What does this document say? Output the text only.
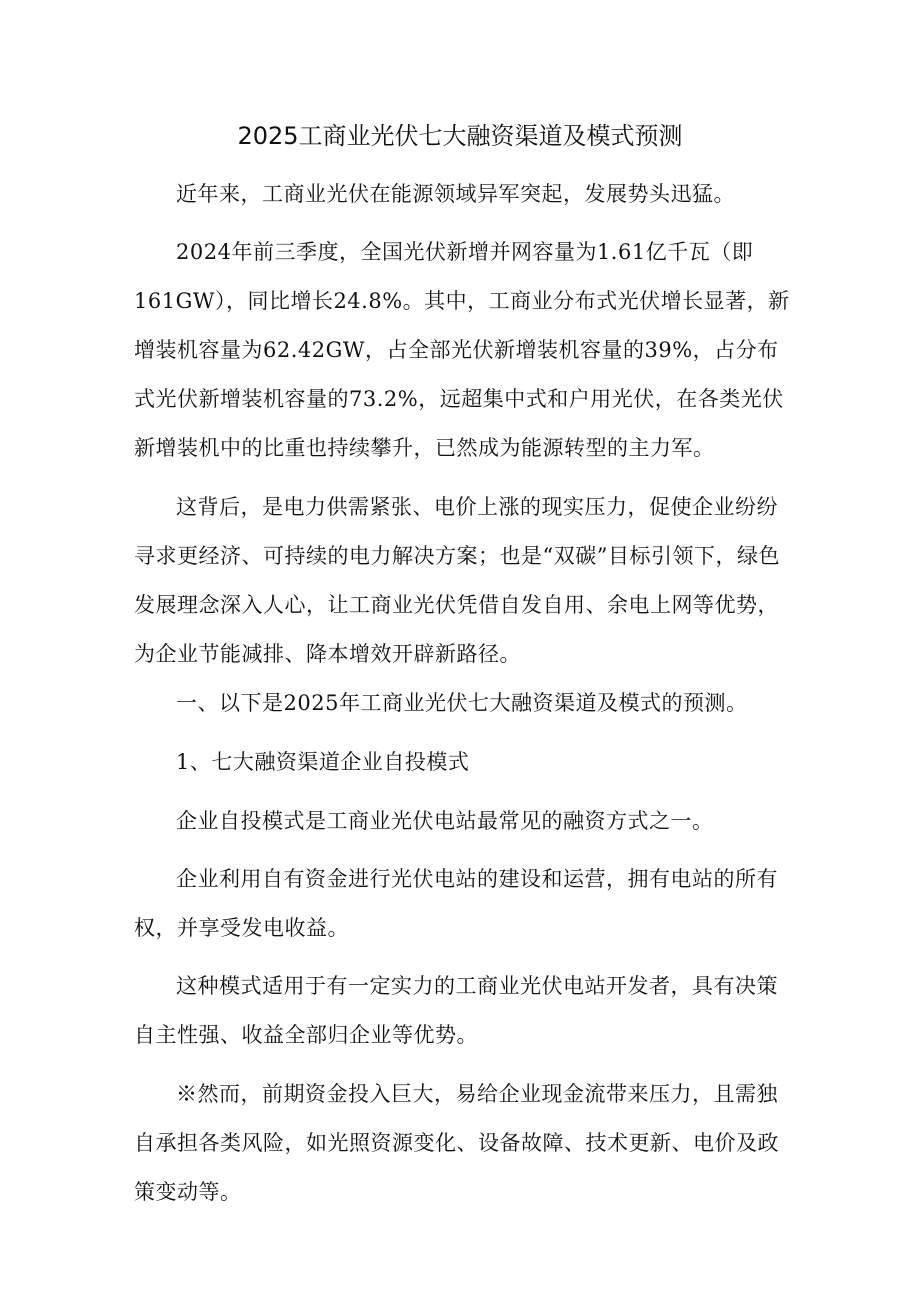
2025工商业光伏七大融资渠道及模式预测

近年来，工商业光伏在能源领域异军突起，发展势头迅猛。

2024年前三季度，全国光伏新增并网容量为1.61亿千瓦（即161GW），同比增长24.8%。其中，工商业分布式光伏增长显著，新增装机容量为62.42GW，占全部光伏新增装机容量的39%，占分布式光伏新增装机容量的73.2%，远超集中式和户用光伏，在各类光伏新增装机中的比重也持续攀升，已然成为能源转型的主力军。

这背后，是电力供需紧张、电价上涨的现实压力，促使企业纷纷寻求更经济、可持续的电力解决方案；也是“双碳”目标引领下，绿色发展理念深入人心，让工商业光伏凭借自发自用、余电上网等优势，为企业节能减排、降本增效开辟新路径。

一、以下是2025年工商业光伏七大融资渠道及模式的预测。

1、七大融资渠道企业自投模式

企业自投模式是工商业光伏电站最常见的融资方式之一。

企业利用自有资金进行光伏电站的建设和运营，拥有电站的所有权，并享受发电收益。

这种模式适用于有一定实力的工商业光伏电站开发者，具有决策自主性强、收益全部归企业等优势。

※然而，前期资金投入巨大，易给企业现金流带来压力，且需独自承担各类风险，如光照资源变化、设备故障、技术更新、电价及政策变动等。
